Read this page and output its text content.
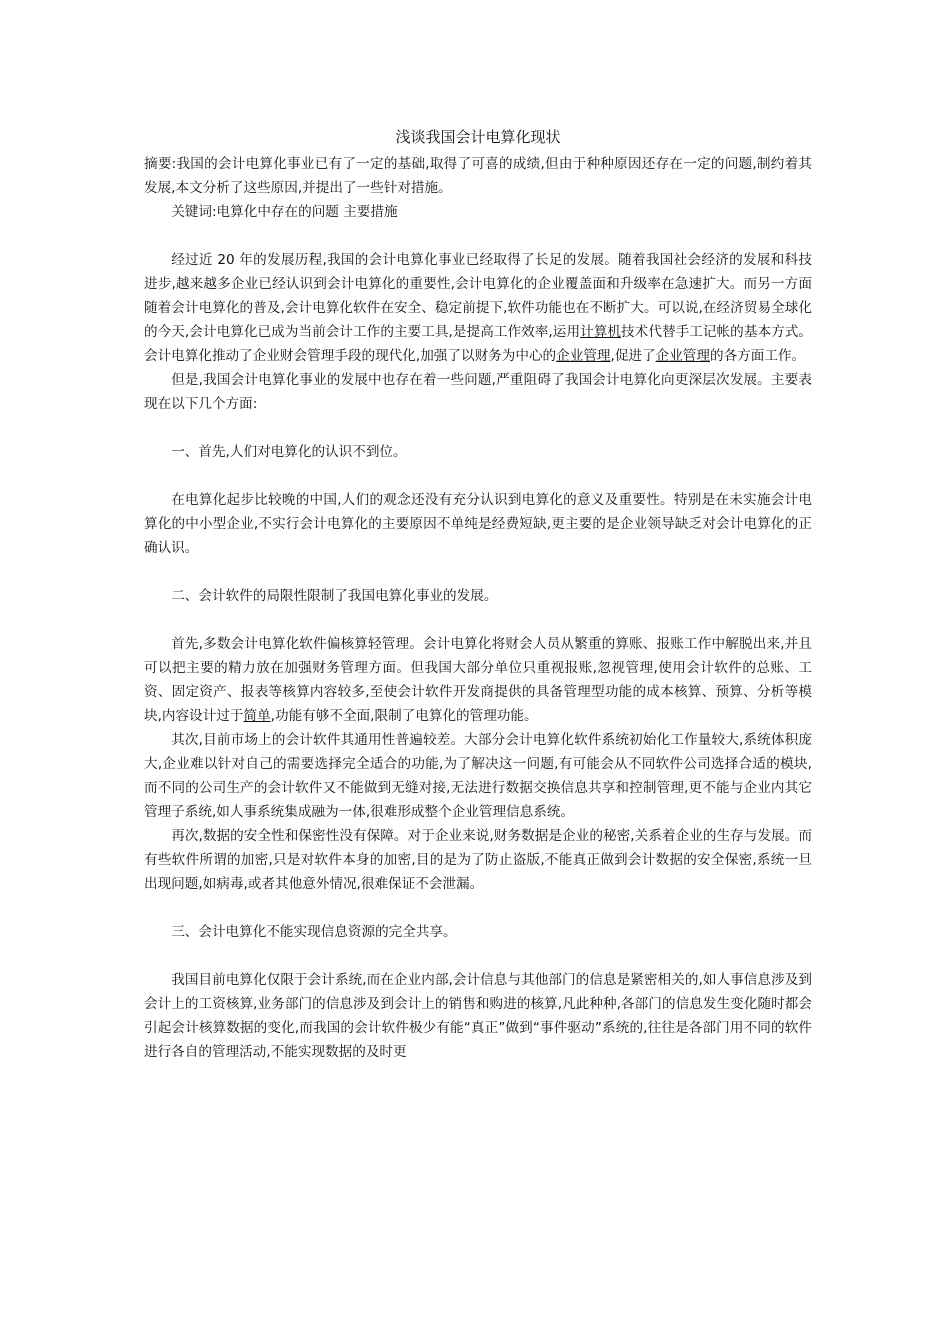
浅谈我国会计电算化现状

摘要:我国的会计电算化事业已有了一定的基础,取得了可喜的成绩,但由于种种原因还存在一定的问题,制约着其发展,本文分析了这些原因,并提出了一些针对措施。

关键词:电算化中存在的问题 主要措施

经过近 20 年的发展历程,我国的会计电算化事业已经取得了长足的发展。随着我国社会经济的发展和科技进步,越来越多企业已经认识到会计电算化的重要性,会计电算化的企业覆盖面和升级率在急速扩大。而另一方面随着会计电算化的普及,会计电算化软件在安全、稳定前提下,软件功能也在不断扩大。可以说,在经济贸易全球化的今天,会计电算化已成为当前会计工作的主要工具,是提高工作效率,运用计算机技术代替手工记帐的基本方式。会计电算化推动了企业财会管理手段的现代化,加强了以财务为中心的企业管理,促进了企业管理的各方面工作。

但是,我国会计电算化事业的发展中也存在着一些问题,严重阻碍了我国会计电算化向更深层次发展。主要表现在以下几个方面:

一、首先,人们对电算化的认识不到位。

在电算化起步比较晚的中国,人们的观念还没有充分认识到电算化的意义及重要性。特别是在未实施会计电算化的中小型企业,不实行会计电算化的主要原因不单纯是经费短缺,更主要的是企业领导缺乏对会计电算化的正确认识。

二、会计软件的局限性限制了我国电算化事业的发展。

首先,多数会计电算化软件偏核算轻管理。会计电算化将财会人员从繁重的算账、报账工作中解脱出来,并且可以把主要的精力放在加强财务管理方面。但我国大部分单位只重视报账,忽视管理,使用会计软件的总账、工资、固定资产、报表等核算内容较多,至使会计软件开发商提供的具备管理型功能的成本核算、预算、分析等模块,内容设计过于简单,功能有够不全面,限制了电算化的管理功能。

其次,目前市场上的会计软件其通用性普遍较差。大部分会计电算化软件系统初始化工作量较大,系统体积庞大,企业难以针对自己的需要选择完全适合的功能,为了解决这一问题,有可能会从不同软件公司选择合适的模块,而不同的公司生产的会计软件又不能做到无缝对接,无法进行数据交换信息共享和控制管理,更不能与企业内其它管理子系统,如人事系统集成融为一体,很难形成整个企业管理信息系统。

再次,数据的安全性和保密性没有保障。对于企业来说,财务数据是企业的秘密,关系着企业的生存与发展。而有些软件所谓的加密,只是对软件本身的加密,目的是为了防止盗版,不能真正做到会计数据的安全保密,系统一旦出现问题,如病毒,或者其他意外情况,很难保证不会泄漏。

三、会计电算化不能实现信息资源的完全共享。

我国目前电算化仅限于会计系统,而在企业内部,会计信息与其他部门的信息是紧密相关的,如人事信息涉及到会计上的工资核算,业务部门的信息涉及到会计上的销售和购进的核算,凡此种种,各部门的信息发生变化随时都会引起会计核算数据的变化,而我国的会计软件极少有能“真正”做到“事件驱动”系统的,往往是各部门用不同的软件进行各自的管理活动,不能实现数据的及时更
